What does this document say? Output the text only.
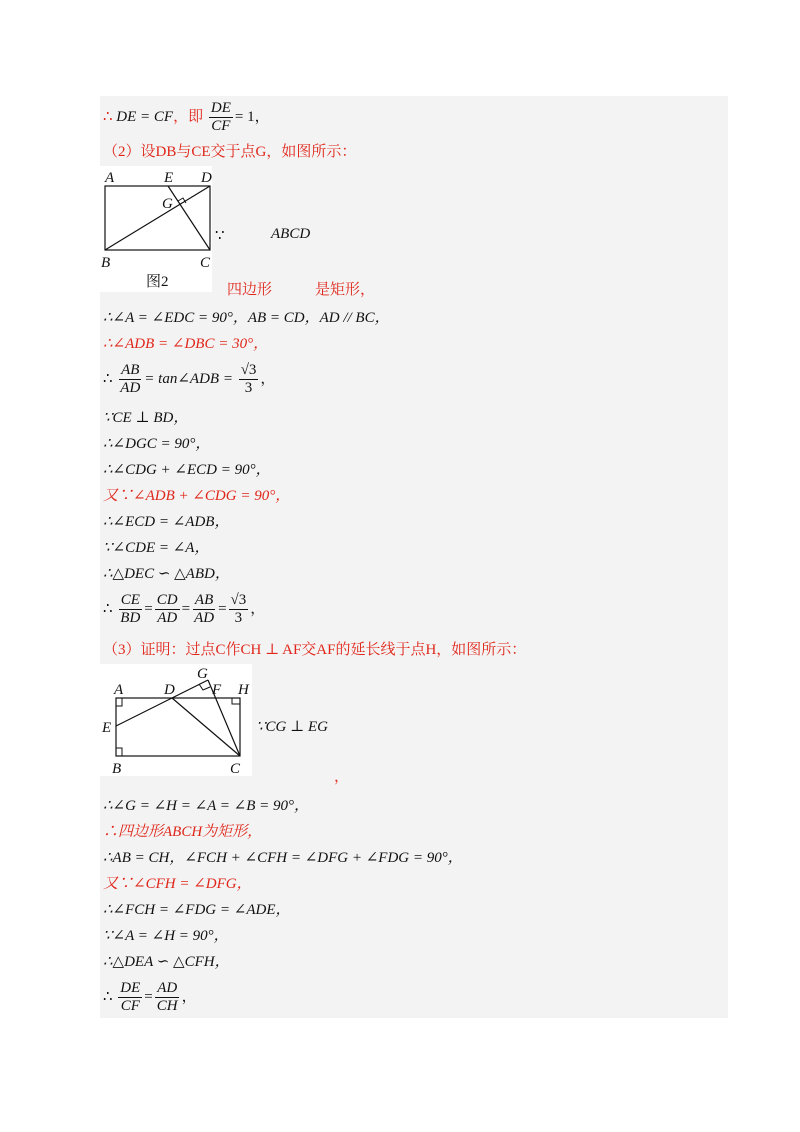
∴ DE = CF，即 $\frac{DE}{CF} = 1$，
（2）设DB与CE交于点G，如图所示：
A	E D
G
B	C
图2
∵	ABCD
四边形	是矩形，
∴∠A = ∠EDC = 90°，AB = CD，AD // BC，
∴∠ADB = ∠DBC = 30°，
∴ $\frac{AB}{AD}$ = tan∠ADB = $\frac{√3}{3}$ ，
∵CE ⊥ BD，
∴∠DGC = 90°，
∴∠CDG + ∠ECD = 90°，
又∵∠ADB + ∠CDG = 90°，
∴∠ECD = ∠ADB，
∵∠CDE = ∠A，
∴△DEC ∽ △ABD，
∴ $\frac{CE}{BD} = \frac{CD}{AD} = \frac{AB}{AD} = \frac{√3}{3}$ ，
（3）证明：过点C作CH ⊥ AF交AF的延长线于点H，如图所示：
G
A	D F H
E
B	C
∵CG ⊥ EG
，
∴∠G = ∠H = ∠A = ∠B = 90°，
∴四边形ABCH为矩形，
∴AB = CH，∠FCH + ∠CFH = ∠DFG + ∠FDG = 90°，
又∵∠CFH = ∠DFG，
∴∠FCH = ∠FDG = ∠ADE，
∵∠A = ∠H = 90°，
∴△DEA ∽ △CFH，
∴ $\frac{DE}{CF} = \frac{AD}{CH}$ ，
